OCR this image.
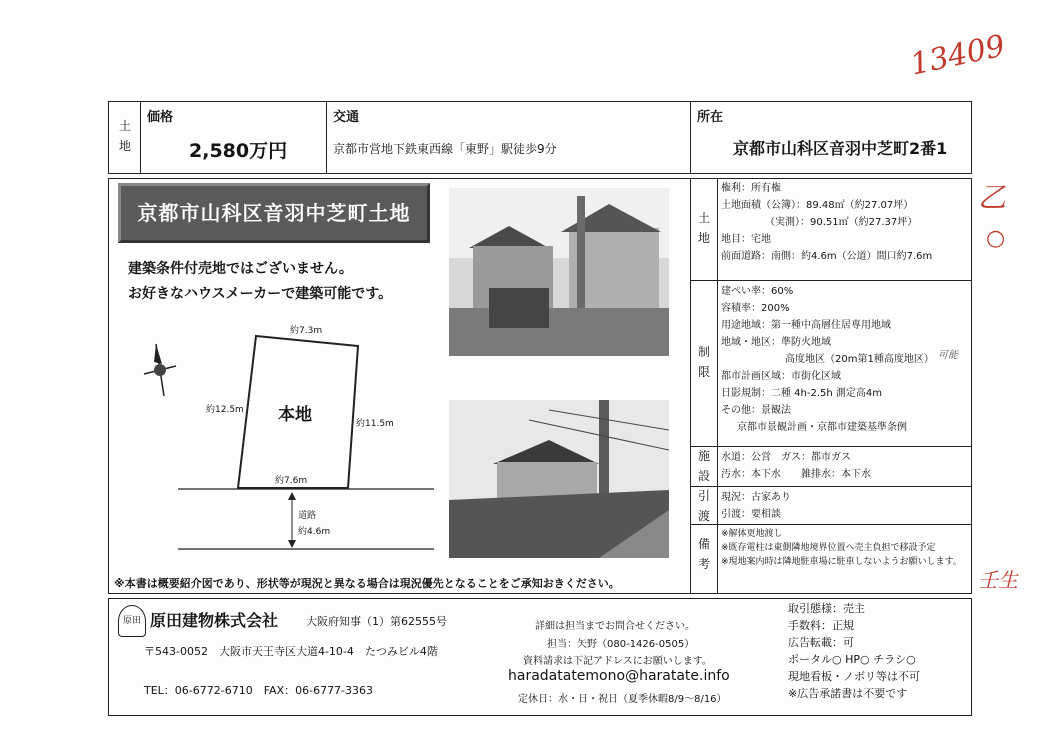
13409
乙
○
可能
壬生
土地
価格
2,580万円
交通
京都市営地下鉄東西線「東野」駅徒歩9分
所在
京都市山科区音羽中芝町2番1
京都市山科区音羽中芝町土地
建築条件付売地ではございません。
お好きなハウスメーカーで建築可能です。
約7.3m
約12.5m
約11.5m
約7.6m
本地
道路
約4.6m
※本書は概要紹介図であり、形状等が現況と異なる場合は現況優先となることをご承知おきください。
土地
権利：所有権
土地面積（公簿）：89.48㎡（約27.07坪）
（実測）：90.51㎡（約27.37坪）
地目：宅地
前面道路：南側：約4.6m（公道）間口約7.6m
制限
建ぺい率：60%
容積率：200%
用途地域：第一種中高層住居専用地域
地域・地区：準防火地域
高度地区（20m第1種高度地区）
都市計画区域：市街化区域
日影規制：二種 4h-2.5h 測定高4m
その他：景観法
京都市景観計画・京都市建築基準条例
施設
水道：公営　ガス：都市ガス
汚水：本下水　　雑排水：本下水
引渡
現況：古家あり
引渡：要相談
備考
※解体更地渡し
※既存電柱は東側隣地境界位置へ売主負担で移設予定
※現地案内時は隣地駐車場に駐車しないようお願いします。
原田 原田建物株式会社	大阪府知事（1）第62555号
〒543-0052　大阪市天王寺区大道4-10-4　たつみビル4階
TEL：06-6772-6710　FAX：06-6777-3363
詳細は担当までお問合せください。
担当：矢野（080-1426-0505）
資料請求は下記アドレスにお願いします。
haradatatemono@haratate.info
定休日：水・日・祝日（夏季休暇8/9〜8/16）
取引態様：売主
手数料：正規
広告転載：可
ポータル○ HP○ チラシ○
現地看板・ノボリ等は不可
※広告承諾書は不要です
